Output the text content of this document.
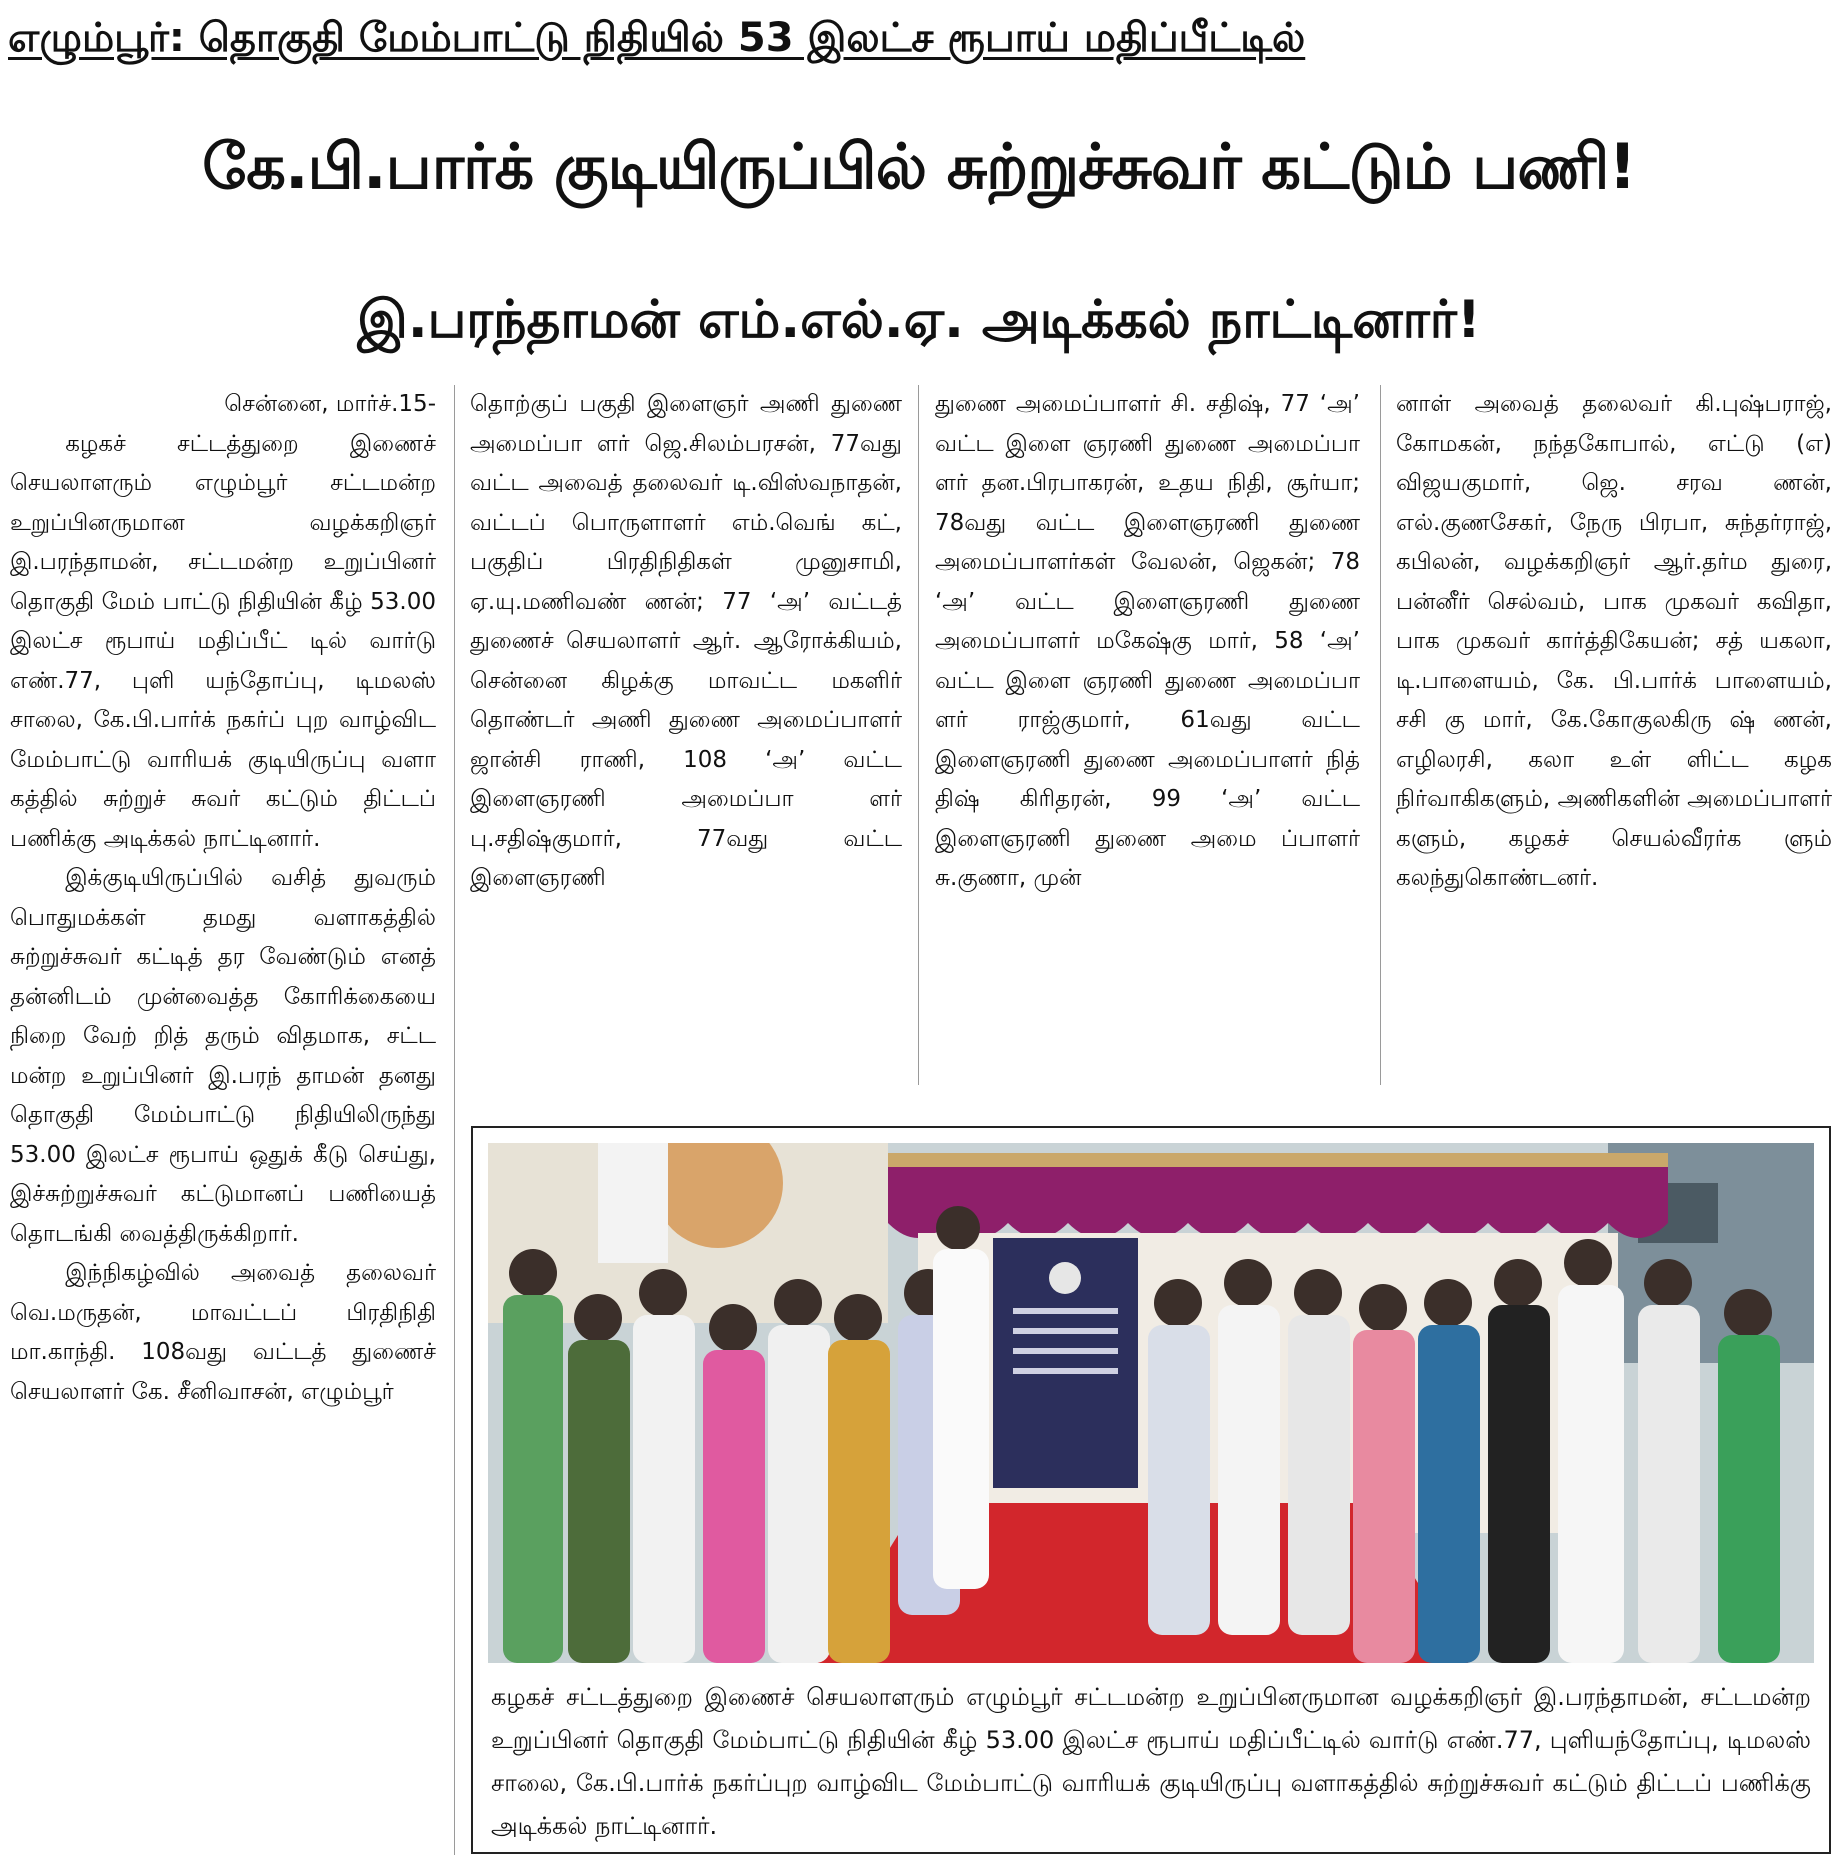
எழும்பூர்: தொகுதி மேம்பாட்டு நிதியில் 53 இலட்ச ரூபாய் மதிப்பீட்டில்
கே.பி.பார்க் குடியிருப்பில் சுற்றுச்சுவர் கட்டும் பணி!
இ.பரந்தாமன் எம்.எல்.ஏ. அடிக்கல் நாட்டினார்!

சென்னை, மார்ச்.15-

கழகச் சட்டத்துறை இணைச் செயலாளரும் எழும்பூர் சட்டமன்ற உறுப்பினருமான வழக்கறிஞர் இ.பரந்தாமன், சட்டமன்ற உறுப்பினர் தொகுதி மேம் பாட்டு நிதியின் கீழ் 53.00 இலட்ச ரூபாய் மதிப்பீட் டில் வார்டு எண்.77, புளி யந்தோப்பு, டிமலஸ் சாலை, கே.பி.பார்க் நகர்ப் புற வாழ்விட மேம்பாட்டு வாரியக் குடியிருப்பு வளா கத்தில் சுற்றுச் சுவர் கட்டும் திட்டப் பணிக்கு அடிக்கல் நாட்டினார்.

இக்குடியிருப்பில் வசித் துவரும் பொதுமக்கள் தமது வளாகத்தில் சுற்றுச்சுவர் கட்டித் தர வேண்டும் எனத் தன்னிடம் முன்வைத்த கோரிக்கையை நிறை வேற் றித் தரும் விதமாக, சட்ட மன்ற உறுப்பினர் இ.பரந் தாமன் தனது தொகுதி மேம்பாட்டு நிதியிலிருந்து 53.00 இலட்ச ரூபாய் ஒதுக் கீடு செய்து, இச்சுற்றுச்சுவர் கட்டுமானப் பணியைத் தொடங்கி வைத்திருக்கிறார்.

இந்நிகழ்வில் அவைத் தலைவர் வெ.மருதன், மாவட்டப் பிரதிநிதி மா.காந்தி. 108வது வட்டத் துணைச் செயலாளர் கே. சீனிவாசன், எழும்பூர்

தொற்குப் பகுதி இளைஞர் அணி துணை அமைப்பா ளர் ஜெ.சிலம்பரசன், 77வது வட்ட அவைத் தலைவர் டி.விஸ்வநாதன், வட்டப் பொருளாளர் எம்.வெங் கட், பகுதிப் பிரதிநிதிகள் முனுசாமி, ஏ.யு.மணிவண் ணன்; 77 ‘அ’ வட்டத் துணைச் செயலாளர் ஆர். ஆரோக்கியம், சென்னை கிழக்கு மாவட்ட மகளிர் தொண்டர் அணி துணை அமைப்பாளர் ஜான்சி ராணி, 108 ‘அ’ வட்ட இளைஞரணி அமைப்பா ளர் பு.சதிஷ்குமார், 77வது வட்ட இளைஞரணி

துணை அமைப்பாளர் சி. சதிஷ், 77 ‘அ’ வட்ட இளை ஞரணி துணை அமைப்பா ளர் தன.பிரபாகரன், உதய நிதி, சூர்யா; 78வது வட்ட இளைஞரணி துணை அமைப்பாளர்கள் வேலன், ஜெகன்; 78 ‘அ’ வட்ட இளைஞரணி துணை அமைப்பாளர் மகேஷ்கு மார், 58 ‘அ’ வட்ட இளை ஞரணி துணை அமைப்பா ளர் ராஜ்குமார், 61வது வட்ட இளைஞரணி துணை அமைப்பாளர் நித் திஷ் கிரிதரன், 99 ‘அ’ வட்ட இளைஞரணி துணை அமை ப்பாளர் சு.குணா, முன்

னாள் அவைத் தலைவர் கி.புஷ்பராஜ், கோமகன், நந்தகோபால், எட்டு (எ) விஜயகுமார், ஜெ. சரவ ணன், எல்.குணசேகர், நேரு பிரபா, சுந்தர்ராஜ், கபிலன், வழக்கறிஞர் ஆர்.தர்ம துரை, பன்னீர் செல்வம், பாக முகவர் கவிதா, பாக முகவர் கார்த்திகேயன்; சத் யகலா, டி.பாளையம், கே. பி.பார்க் பாளையம், சசி கு மார், கே.கோகுலகிரு ஷ் ணன், எழிலரசி, கலா உள் ளிட்ட கழக நிர்வாகிகளும், அணிகளின் அமைப்பாளர் களும், கழகச் செயல்வீரர்க ளும் கலந்துகொண்டனர்.

கழகச் சட்டத்துறை இணைச் செயலாளரும் எழும்பூர் சட்டமன்ற உறுப்பினருமான வழக்கறிஞர் இ.பரந்தாமன், சட்டமன்ற உறுப்பினர் தொகுதி மேம்பாட்டு நிதியின் கீழ் 53.00 இலட்ச ரூபாய் மதிப்பீட்டில் வார்டு எண்.77, புளியந்தோப்பு, டிமலஸ் சாலை, கே.பி.பார்க் நகர்ப்புற வாழ்விட மேம்பாட்டு வாரியக் குடியிருப்பு வளாகத்தில் சுற்றுச்சுவர் கட்டும் திட்டப் பணிக்கு அடிக்கல் நாட்டினார்.
